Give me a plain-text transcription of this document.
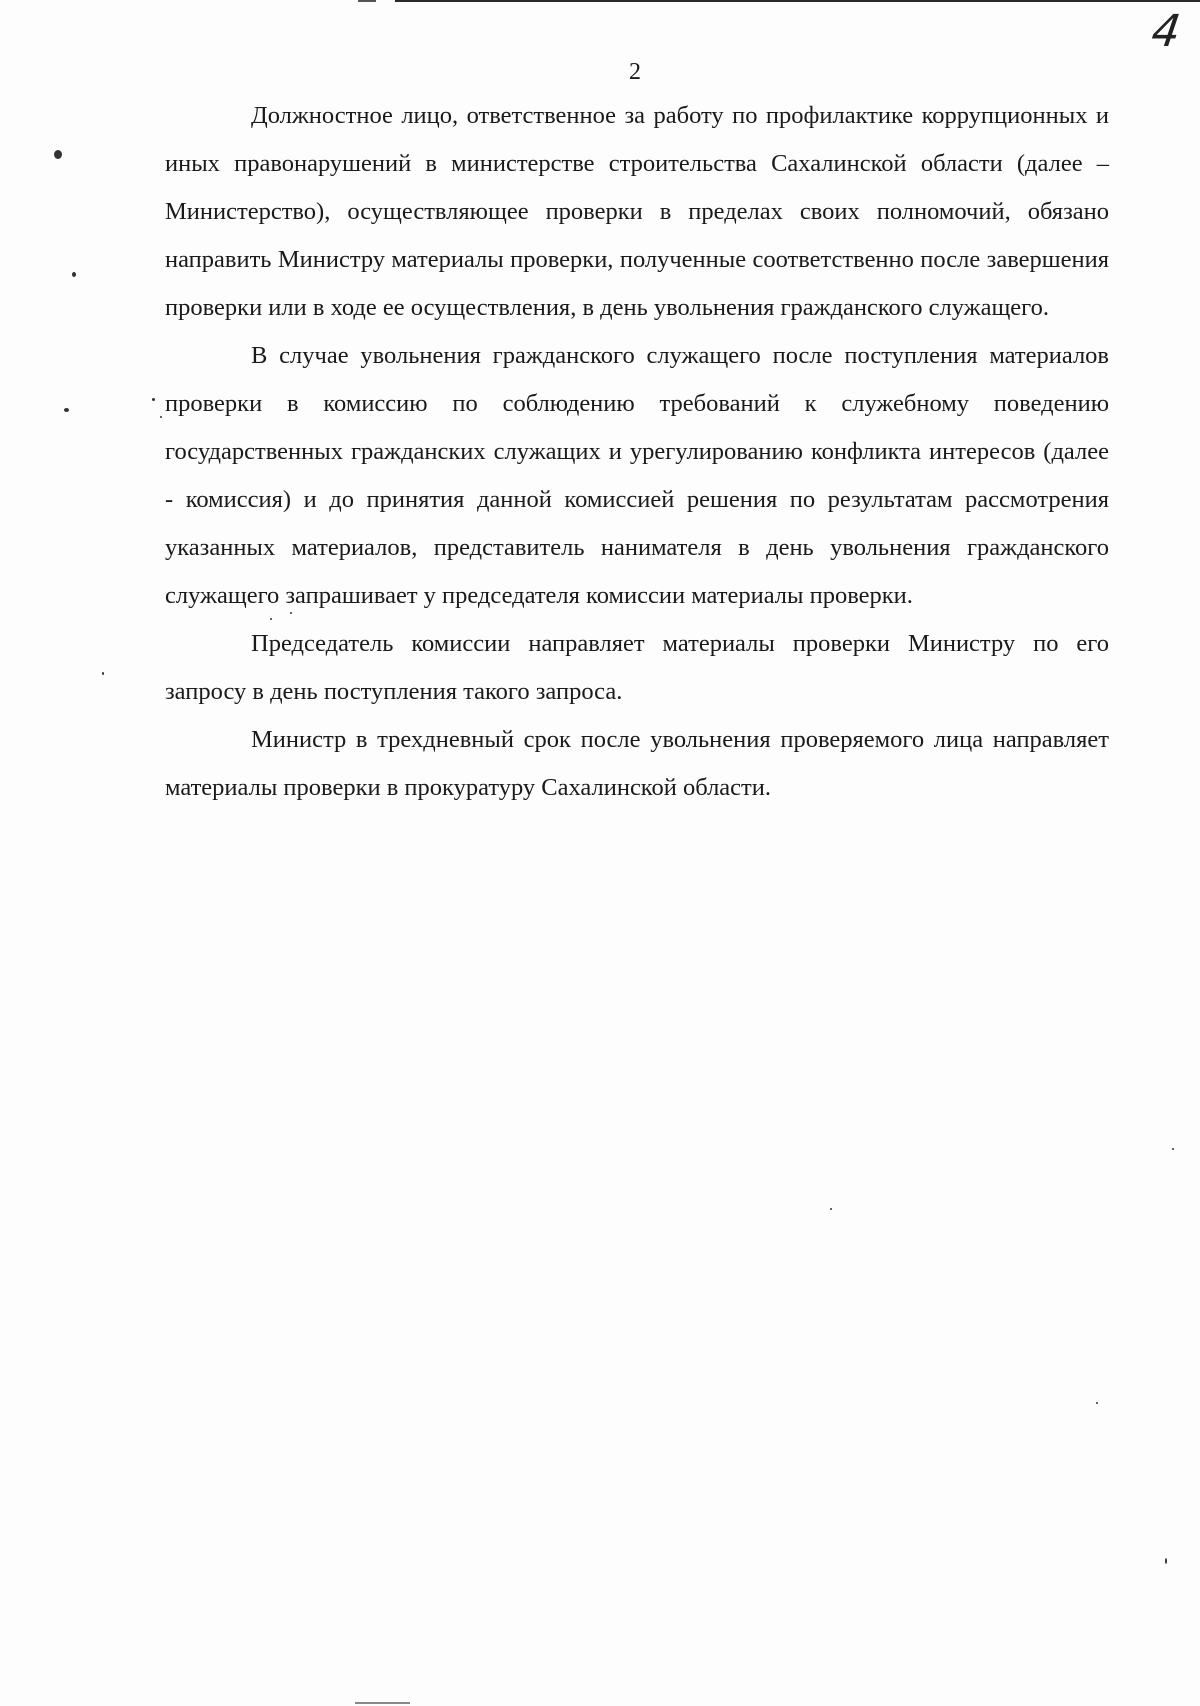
4
2

Должностное лицо, ответственное за работу по профилактике коррупционных и иных правонарушений в министерстве строительства Сахалинской области (далее – Министерство), осуществляющее проверки в пределах своих полномочий, обязано направить Министру материалы проверки, полученные соответственно после завершения проверки или в ходе ее осуществления, в день увольнения гражданского служащего.

В случае увольнения гражданского служащего после поступления материалов проверки в комиссию по соблюдению требований к служебному поведению государственных гражданских служащих и урегулированию конфликта интересов (далее - комиссия) и до принятия данной комиссией решения по результатам рассмотрения указанных материалов, представитель нанимателя в день увольнения гражданского служащего запрашивает у председателя комиссии материалы проверки.

Председатель комиссии направляет материалы проверки Министру по его запросу в день поступления такого запроса.

Министр в трехдневный срок после увольнения проверяемого лица направляет материалы проверки в прокуратуру Сахалинской области.
